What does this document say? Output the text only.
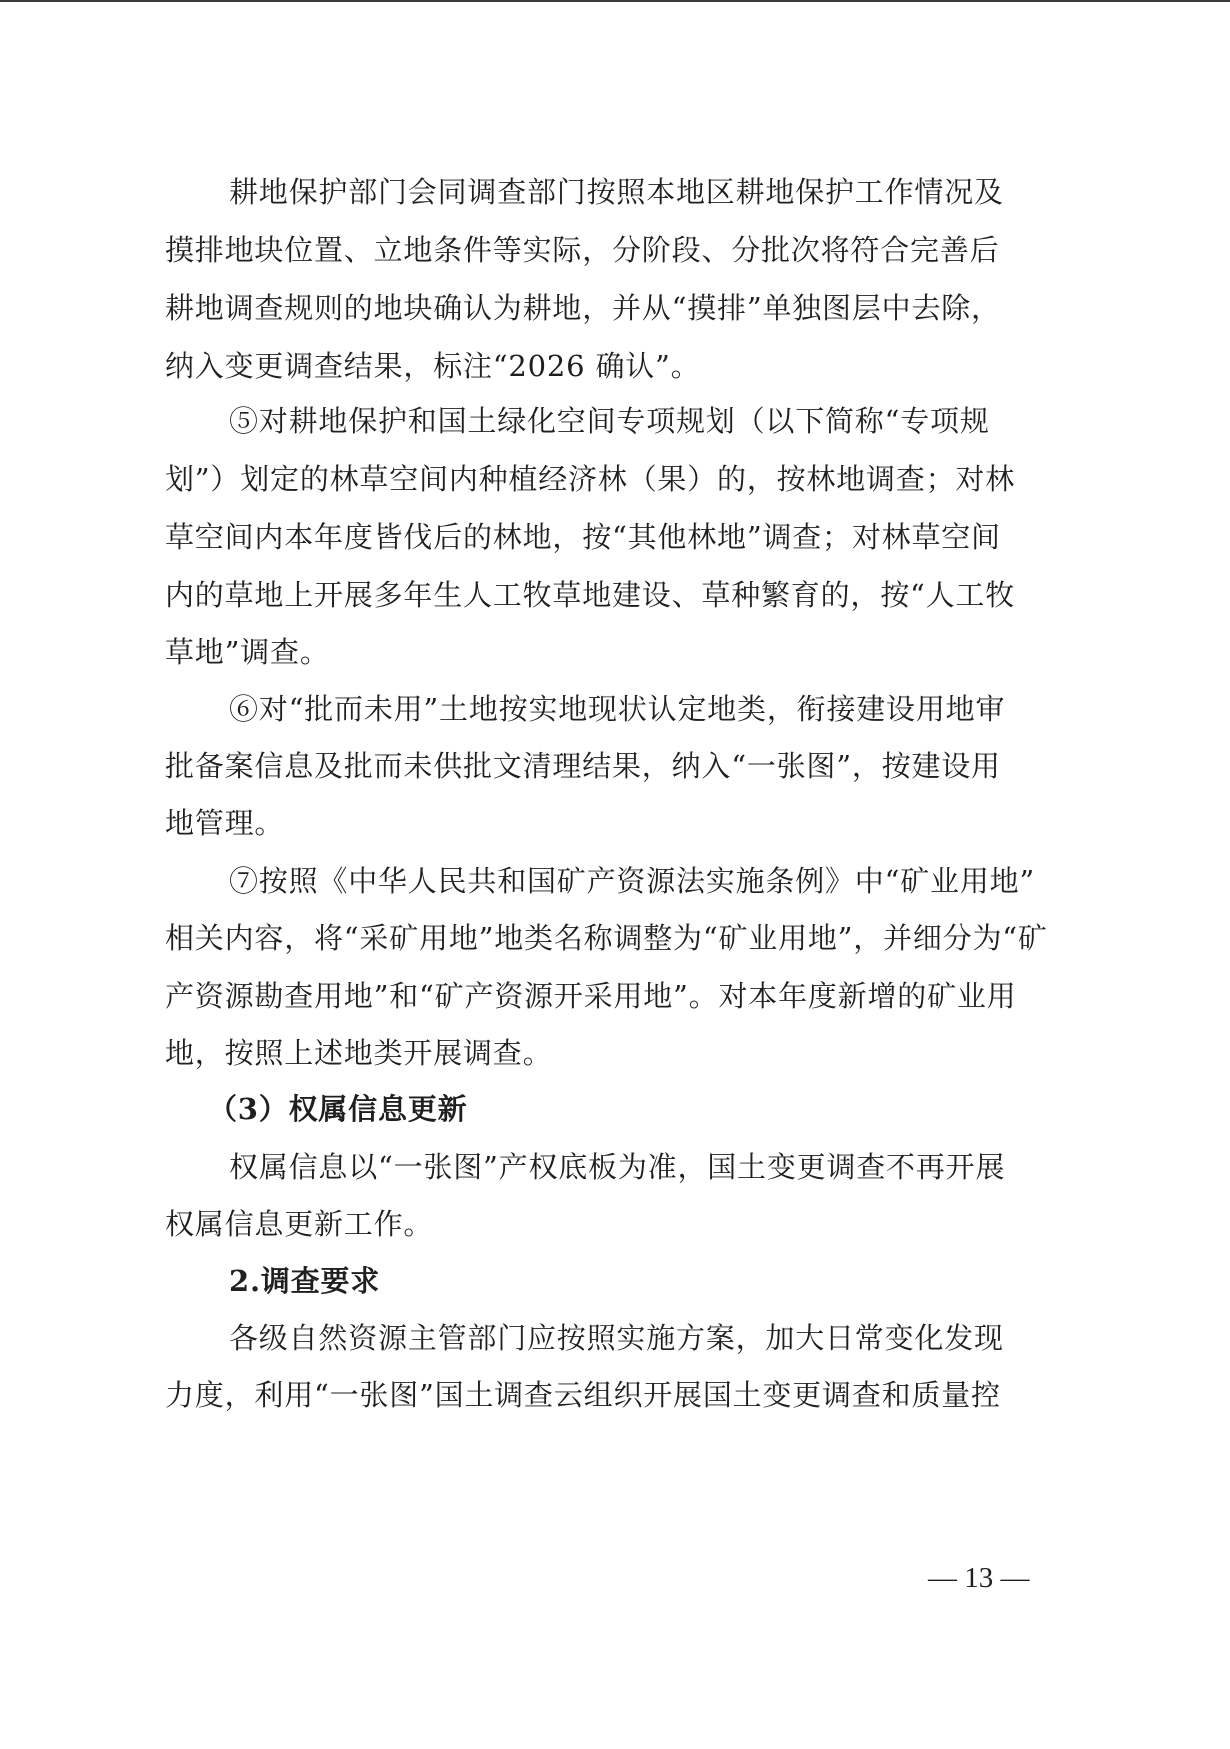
耕地保护部门会同调查部门按照本地区耕地保护工作情况及
摸排地块位置、立地条件等实际，分阶段、分批次将符合完善后
耕地调查规则的地块确认为耕地，并从“摸排”单独图层中去除，
纳入变更调查结果，标注“2026 确认”。
⑤对耕地保护和国土绿化空间专项规划（以下简称“专项规
划”）划定的林草空间内种植经济林（果）的，按林地调查；对林
草空间内本年度皆伐后的林地，按“其他林地”调查；对林草空间
内的草地上开展多年生人工牧草地建设、草种繁育的，按“人工牧
草地”调查。
⑥对“批而未用”土地按实地现状认定地类，衔接建设用地审
批备案信息及批而未供批文清理结果，纳入“一张图”，按建设用
地管理。
⑦按照《中华人民共和国矿产资源法实施条例》中“矿业用地”
相关内容，将“采矿用地”地类名称调整为“矿业用地”，并细分为“矿
产资源勘查用地”和“矿产资源开采用地”。对本年度新增的矿业用
地，按照上述地类开展调查。
（3）权属信息更新
权属信息以“一张图”产权底板为准，国土变更调查不再开展
权属信息更新工作。
2.调查要求
各级自然资源主管部门应按照实施方案，加大日常变化发现
力度，利用“一张图”国土调查云组织开展国土变更调查和质量控
— 13 —
